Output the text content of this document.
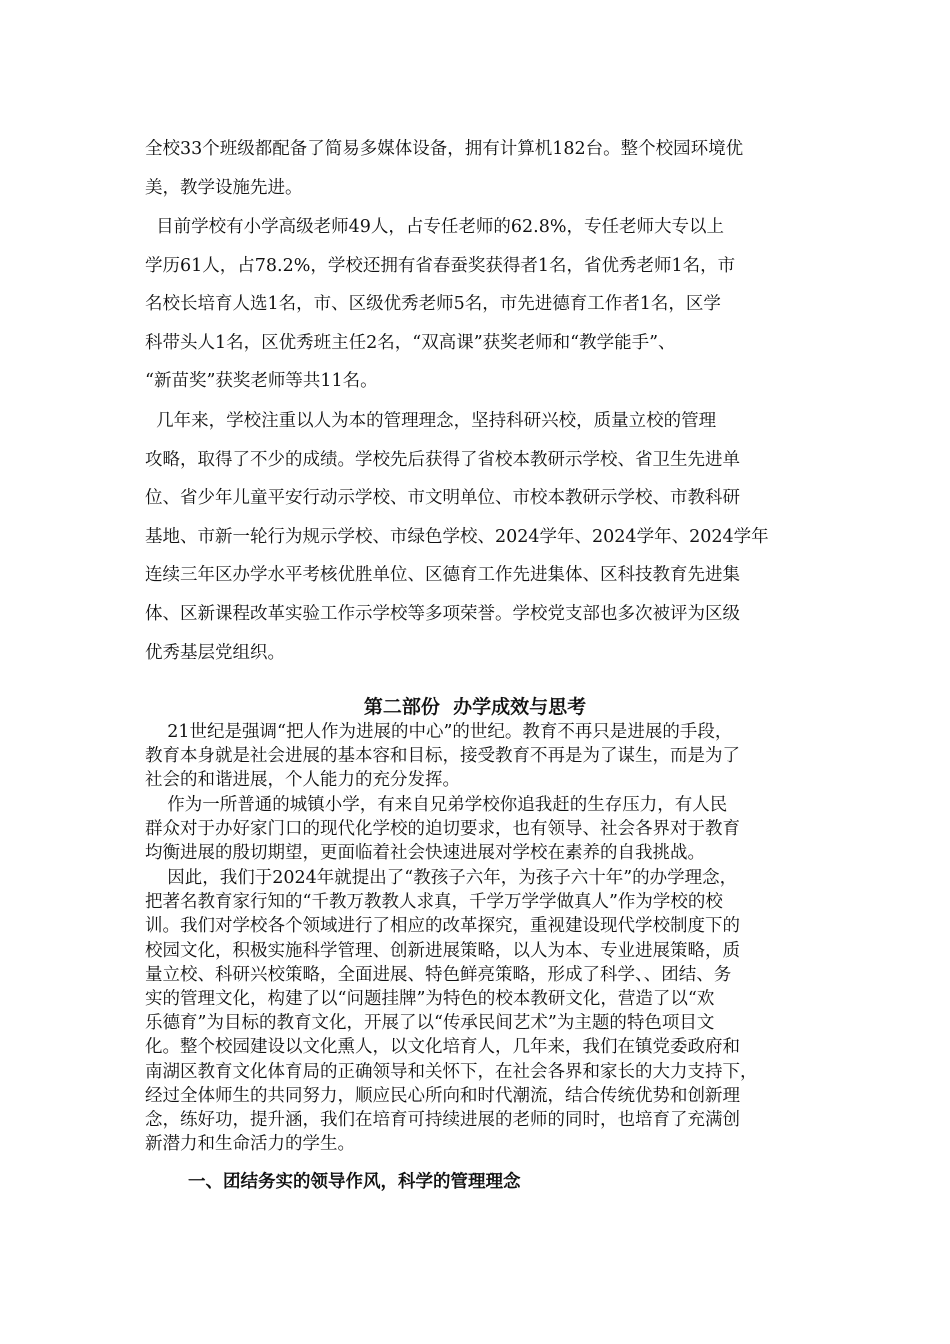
全校33个班级都配备了简易多媒体设备，拥有计算机182台。整个校园环境优
美，教学设施先进。
目前学校有小学高级老师49人，占专任老师的62.8%，专任老师大专以上
学历61人，占78.2%，学校还拥有省春蚕奖获得者1名，省优秀老师1名，市
名校长培育人选1名，市、区级优秀老师5名，市先进德育工作者1名，区学
科带头人1名，区优秀班主任2名，“双高课”获奖老师和“教学能手”、
“新苗奖”获奖老师等共11名。
几年来，学校注重以人为本的管理理念，坚持科研兴校，质量立校的管理
攻略，取得了不少的成绩。学校先后获得了省校本教研示学校、省卫生先进单
位、省少年儿童平安行动示学校、市文明单位、市校本教研示学校、市教科研
基地、市新一轮行为规示学校、市绿色学校、2024学年、2024学年、2024学年
连续三年区办学水平考核优胜单位、区德育工作先进集体、区科技教育先进集
体、区新课程改革实验工作示学校等多项荣誉。学校党支部也多次被评为区级
优秀基层党组织。
第二部份  办学成效与思考
21世纪是强调“把人作为进展的中心”的世纪。教育不再只是进展的手段，
教育本身就是社会进展的基本容和目标，接受教育不再是为了谋生，而是为了
社会的和谐进展，个人能力的充分发挥。
作为一所普通的城镇小学，有来自兄弟学校你追我赶的生存压力，有人民
群众对于办好家门口的现代化学校的迫切要求，也有领导、社会各界对于教育
均衡进展的殷切期望，更面临着社会快速进展对学校在素养的自我挑战。
因此，我们于2024年就提出了“教孩子六年，为孩子六十年”的办学理念，
把著名教育家行知的“千教万教教人求真，千学万学学做真人”作为学校的校
训。我们对学校各个领域进行了相应的改革探究，重视建设现代学校制度下的
校园文化，积极实施科学管理、创新进展策略，以人为本、专业进展策略，质
量立校、科研兴校策略，全面进展、特色鲜亮策略，形成了科学、、团结、务
实的管理文化，构建了以“问题挂牌”为特色的校本教研文化，营造了以“欢
乐德育”为目标的教育文化，开展了以“传承民间艺术”为主题的特色项目文
化。整个校园建设以文化熏人，以文化培育人，几年来，我们在镇党委政府和
南湖区教育文化体育局的正确领导和关怀下，在社会各界和家长的大力支持下，
经过全体师生的共同努力，顺应民心所向和时代潮流，结合传统优势和创新理
念，练好功，提升涵，我们在培育可持续进展的老师的同时，也培育了充满创
新潜力和生命活力的学生。
一、团结务实的领导作风，科学的管理理念
